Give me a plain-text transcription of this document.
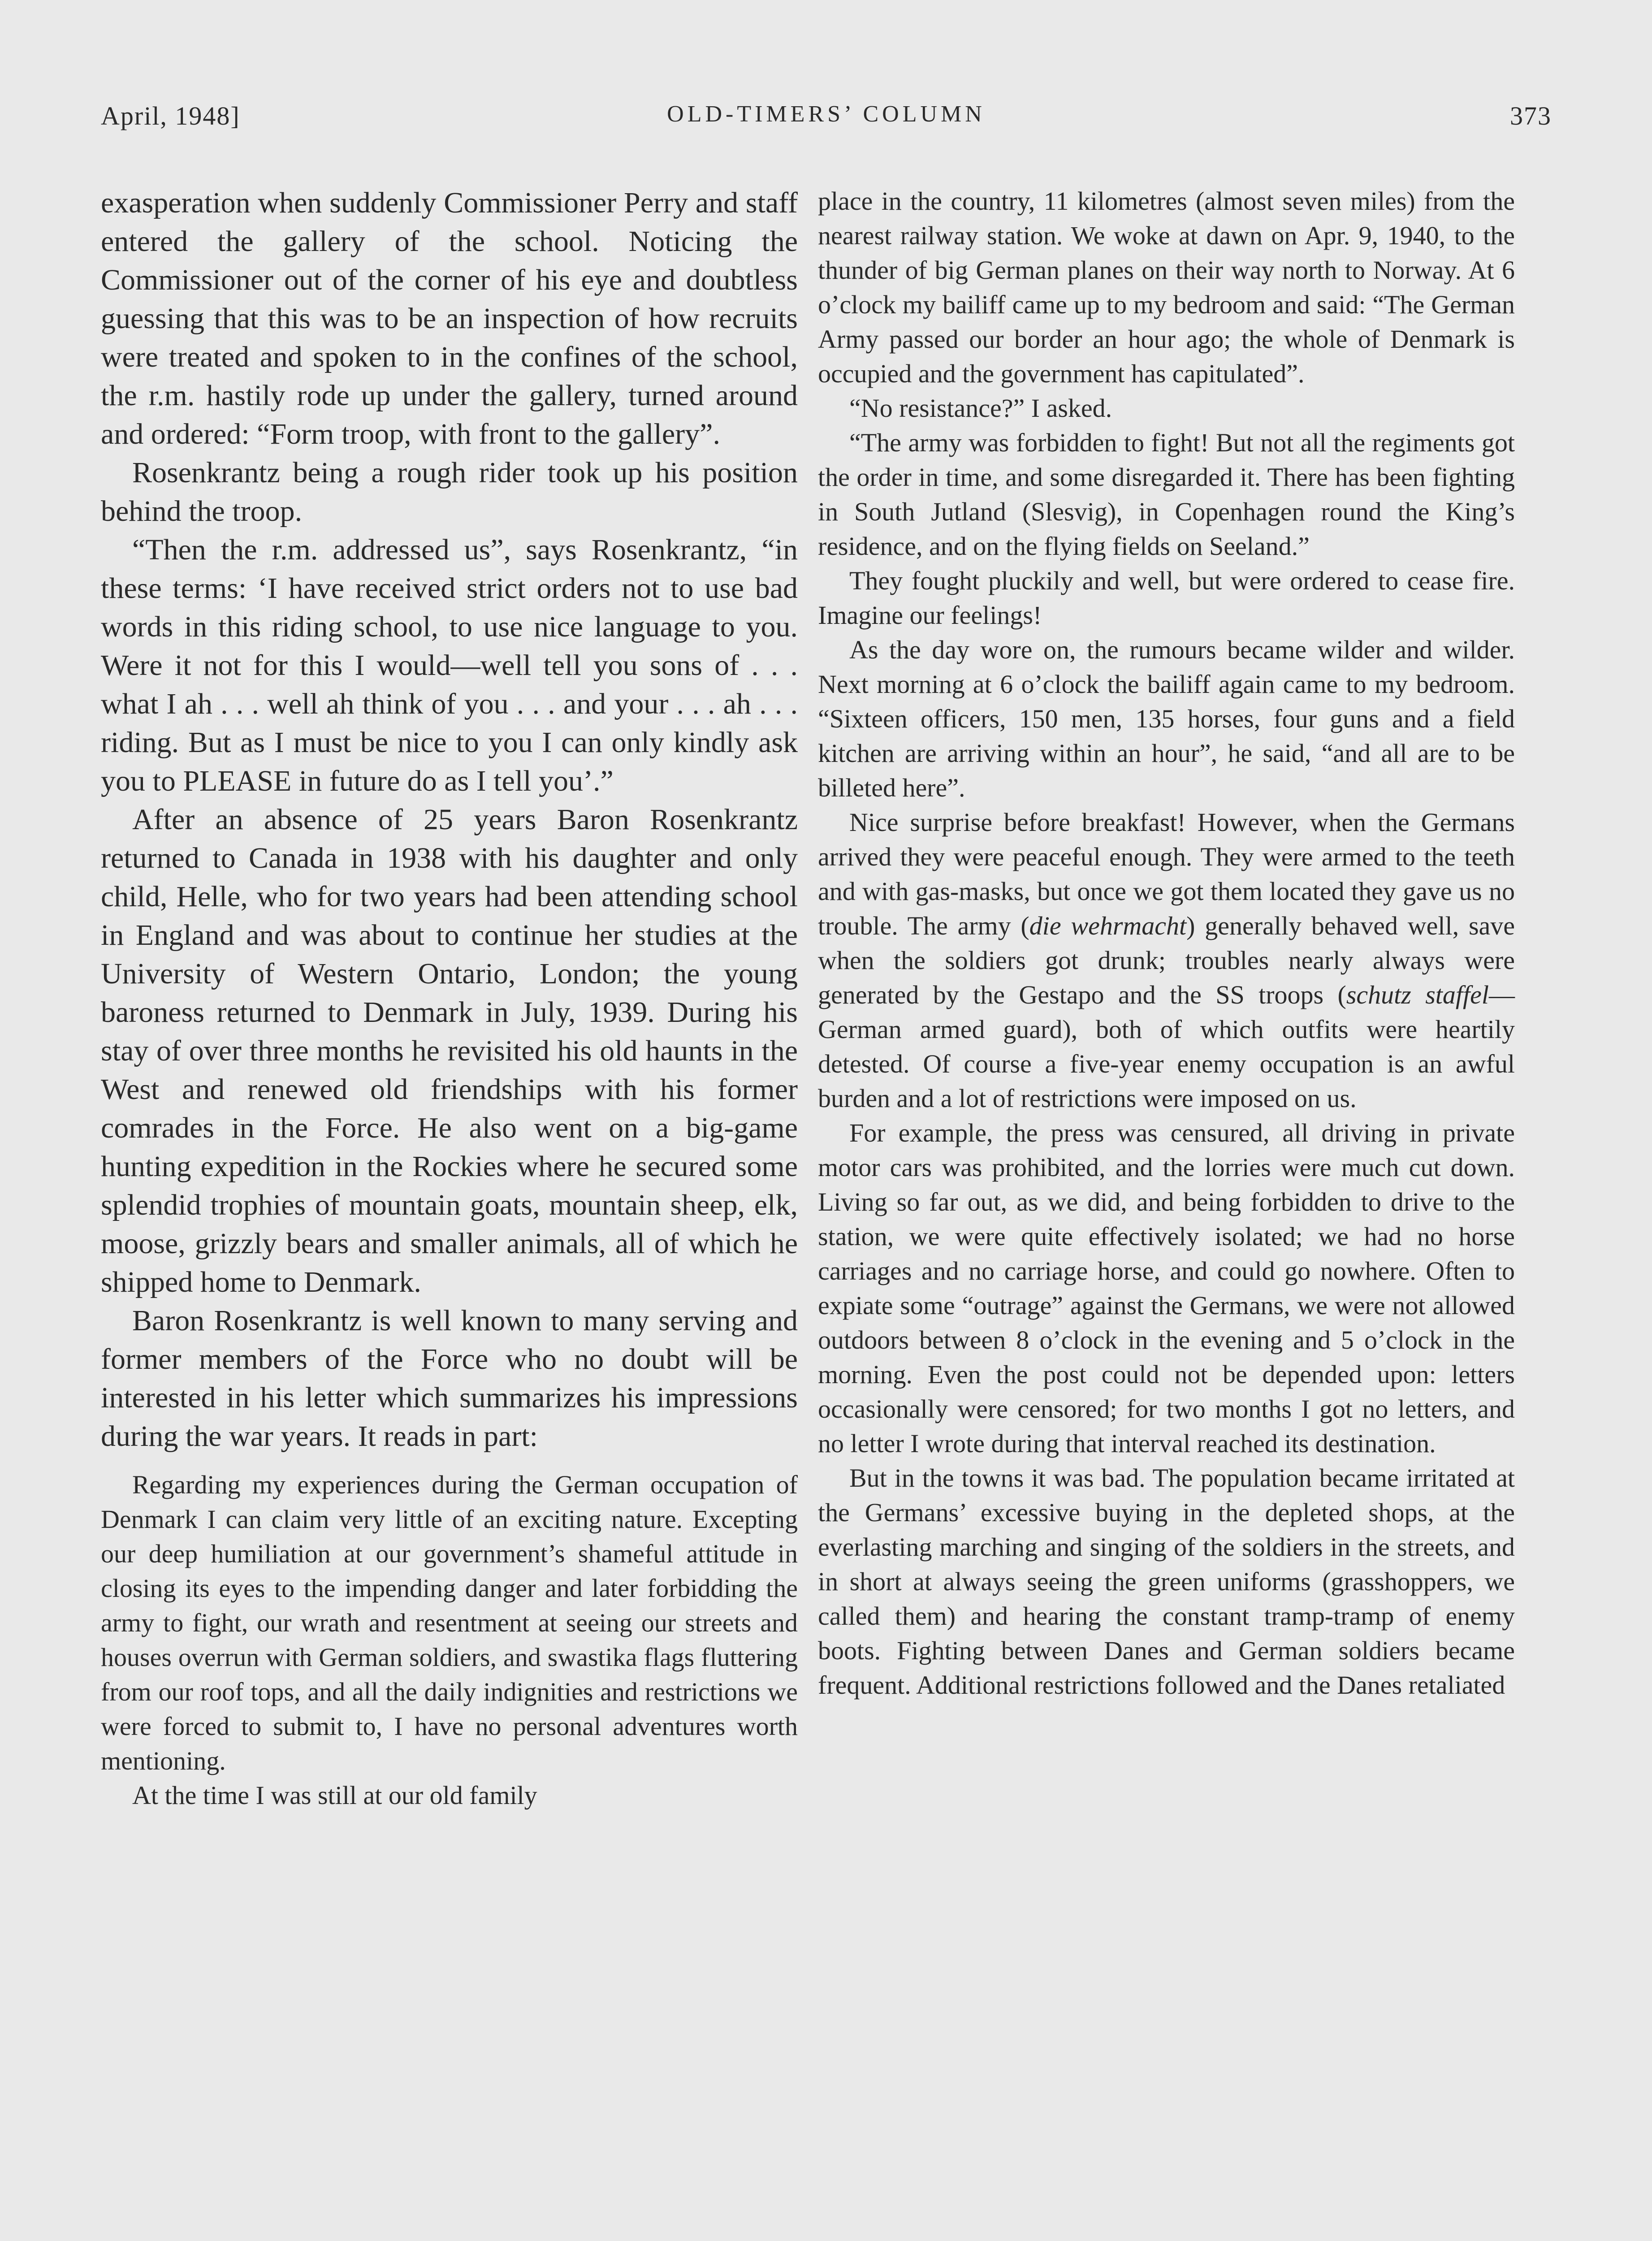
April, 1948]	OLD-TIMERS’ COLUMN	373

exasperation when suddenly Commissioner Perry and staff entered the gallery of the school. Noticing the Commissioner out of the corner of his eye and doubtless guessing that this was to be an inspection of how recruits were treated and spoken to in the confines of the school, the r.m. hastily rode up under the gallery, turned around and ordered: “Form troop, with front to the gallery”.

Rosenkrantz being a rough rider took up his position behind the troop.

“Then the r.m. addressed us”, says Rosenkrantz, “in these terms: ‘I have received strict orders not to use bad words in this riding school, to use nice language to you. Were it not for this I would—well tell you sons of . . . what I ah . . . well ah think of you . . . and your . . . ah . . . riding. But as I must be nice to you I can only kindly ask you to PLEASE in future do as I tell you’.”

After an absence of 25 years Baron Rosenkrantz returned to Canada in 1938 with his daughter and only child, Helle, who for two years had been attending school in England and was about to continue her studies at the University of Western Ontario, London; the young baroness returned to Denmark in July, 1939. During his stay of over three months he revisited his old haunts in the West and renewed old friendships with his former comrades in the Force. He also went on a big-game hunting expedition in the Rockies where he secured some splendid trophies of mountain goats, mountain sheep, elk, moose, grizzly bears and smaller animals, all of which he shipped home to Denmark.

Baron Rosenkrantz is well known to many serving and former members of the Force who no doubt will be interested in his letter which summarizes his impressions during the war years. It reads in part:

Regarding my experiences during the German occupation of Denmark I can claim very little of an exciting nature. Excepting our deep humiliation at our government’s shameful attitude in closing its eyes to the impending danger and later forbidding the army to fight, our wrath and resentment at seeing our streets and houses overrun with German soldiers, and swastika flags fluttering from our roof tops, and all the daily indignities and restrictions we were forced to submit to, I have no personal adventures worth mentioning.

At the time I was still at our old family

place in the country, 11 kilometres (almost seven miles) from the nearest railway station. We woke at dawn on Apr. 9, 1940, to the thunder of big German planes on their way north to Norway. At 6 o’clock my bailiff came up to my bedroom and said: “The German Army passed our border an hour ago; the whole of Denmark is occupied and the government has capitulated”.

“No resistance?” I asked.

“The army was forbidden to fight! But not all the regiments got the order in time, and some disregarded it. There has been fighting in South Jutland (Slesvig), in Copenhagen round the King’s residence, and on the flying fields on Seeland.”

They fought pluckily and well, but were ordered to cease fire. Imagine our feelings!

As the day wore on, the rumours became wilder and wilder. Next morning at 6 o’clock the bailiff again came to my bedroom. “Sixteen officers, 150 men, 135 horses, four guns and a field kitchen are arriving within an hour”, he said, “and all are to be billeted here”.

Nice surprise before breakfast! However, when the Germans arrived they were peaceful enough. They were armed to the teeth and with gas-masks, but once we got them located they gave us no trouble. The army (die wehrmacht) generally behaved well, save when the soldiers got drunk; troubles nearly always were generated by the Gestapo and the SS troops (schutz staffel—German armed guard), both of which outfits were heartily detested. Of course a five-year enemy occupation is an awful burden and a lot of restrictions were imposed on us.

For example, the press was censured, all driving in private motor cars was prohibited, and the lorries were much cut down. Living so far out, as we did, and being forbidden to drive to the station, we were quite effectively isolated; we had no horse carriages and no carriage horse, and could go nowhere. Often to expiate some “outrage” against the Germans, we were not allowed outdoors between 8 o’clock in the evening and 5 o’clock in the morning. Even the post could not be depended upon: letters occasionally were censored; for two months I got no letters, and no letter I wrote during that interval reached its destination.

But in the towns it was bad. The population became irritated at the Germans’ excessive buying in the depleted shops, at the everlasting marching and singing of the soldiers in the streets, and in short at always seeing the green uniforms (grasshoppers, we called them) and hearing the constant tramp-tramp of enemy boots. Fighting between Danes and German soldiers became frequent. Additional restrictions followed and the Danes retaliated
